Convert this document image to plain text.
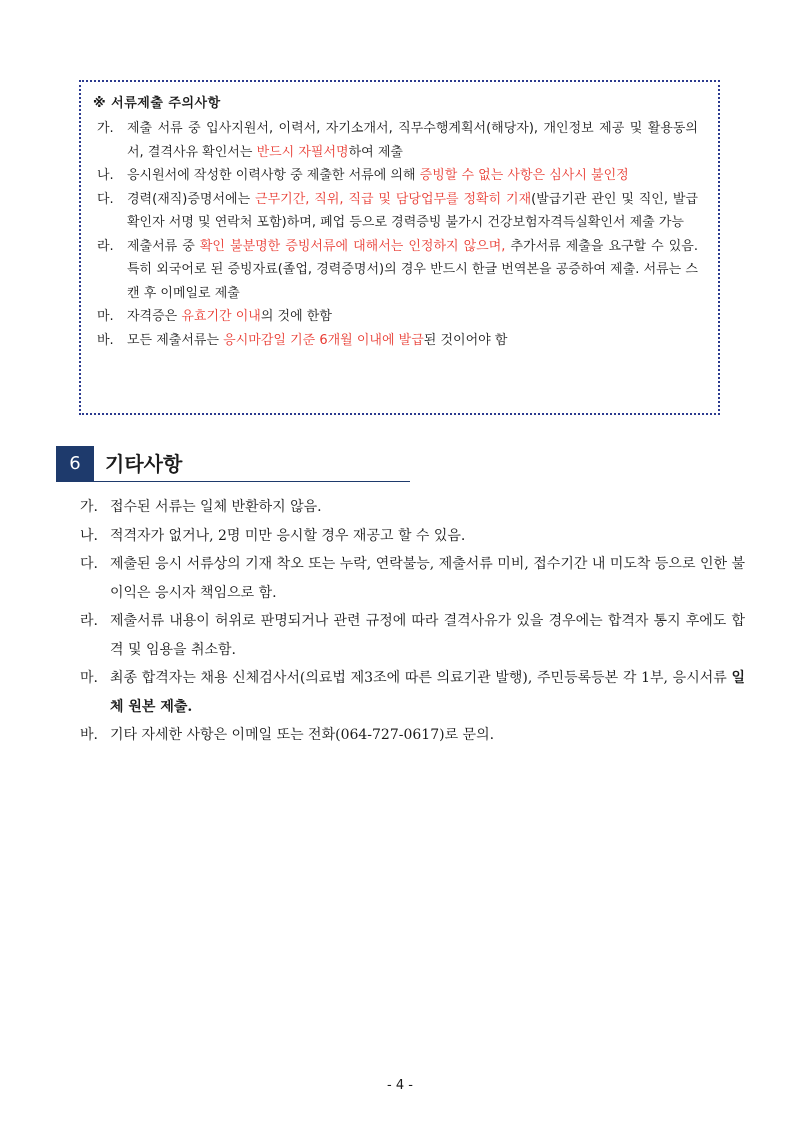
※ 서류제출 주의사항
가.	제출 서류 중 입사지원서, 이력서, 자기소개서, 직무수행계획서(해당자), 개인정보 제공 및 활용동의서, 결격사유 확인서는 반드시 자필서명하여 제출
나.	응시원서에 작성한 이력사항 중 제출한 서류에 의해 증빙할 수 없는 사항은 심사시 불인정
다.	경력(재직)증명서에는 근무기간, 직위, 직급 및 담당업무를 정확히 기재(발급기관 관인 및 직인, 발급 확인자 서명 및 연락처 포함)하며, 폐업 등으로 경력증빙 불가시 건강보험자격득실확인서 제출 가능
라.	제출서류 중 확인 불분명한 증빙서류에 대해서는 인정하지 않으며, 추가서류 제출을 요구할 수 있음. 특히 외국어로 된 증빙자료(졸업, 경력증명서)의 경우 반드시 한글 번역본을 공증하여 제출. 서류는 스캔 후 이메일로 제출
마.	자격증은 유효기간 이내의 것에 한함
바.	모든 제출서류는 응시마감일 기준 6개월 이내에 발급된 것이어야 함
6	기타사항
가. 접수된 서류는 일체 반환하지 않음.
나. 적격자가 없거나, 2명 미만 응시할 경우 재공고 할 수 있음.
다. 제출된 응시 서류상의 기재 착오 또는 누락, 연락불능, 제출서류 미비, 접수기간 내 미도착 등으로 인한 불이익은 응시자 책임으로 함.
라. 제출서류 내용이 허위로 판명되거나 관련 규정에 따라 결격사유가 있을 경우에는 합격자 통지 후에도 합격 및 임용을 취소함.
마. 최종 합격자는 채용 신체검사서(의료법 제3조에 따른 의료기관 발행), 주민등록등본 각 1부, 응시서류 일체 원본 제출.
바. 기타 자세한 사항은 이메일 또는 전화(064-727-0617)로 문의.
- 4 -
